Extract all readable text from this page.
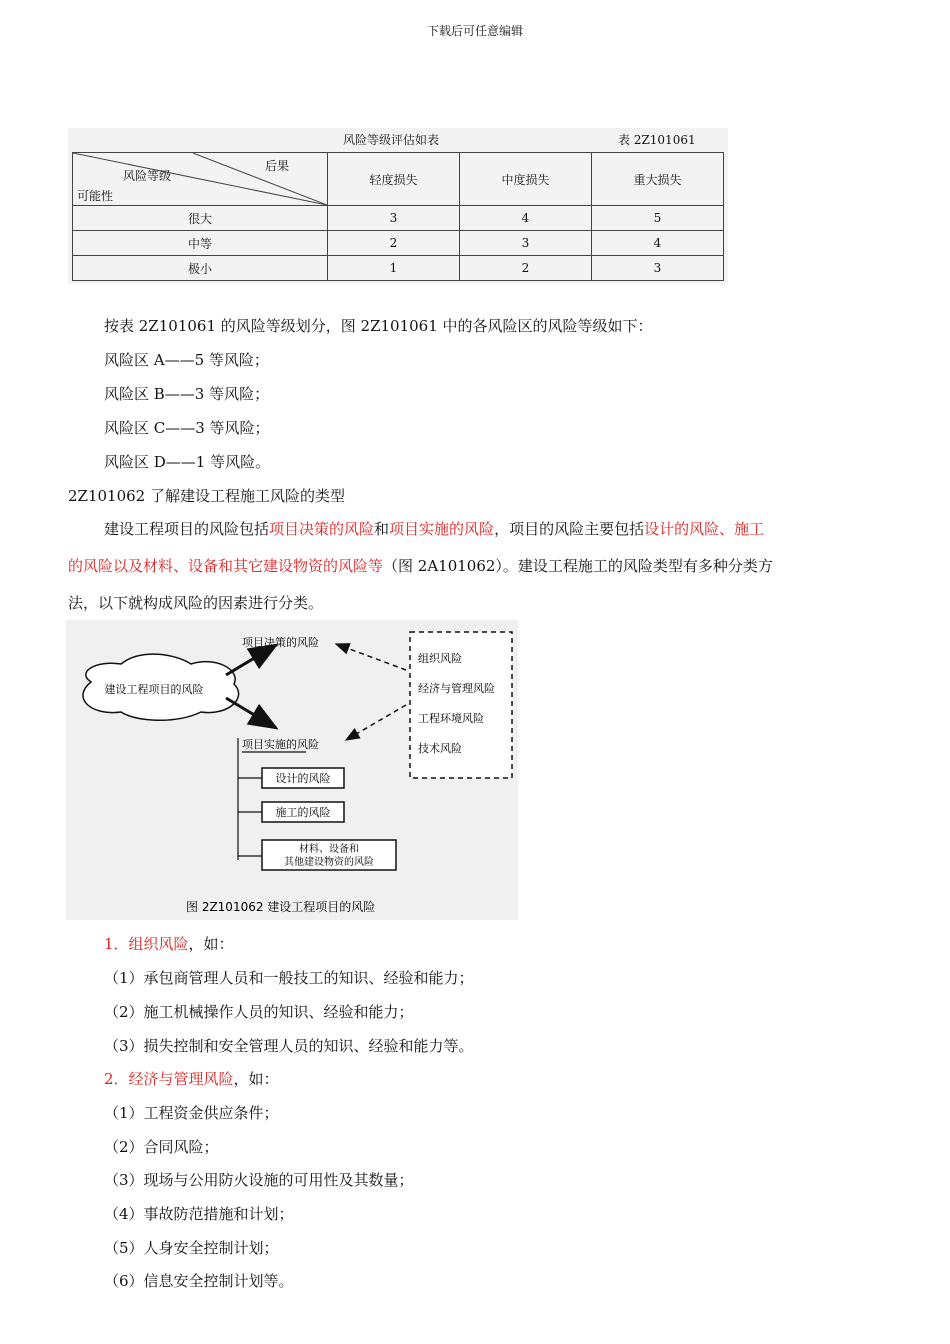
下载后可任意编辑
风险等级评估如表	表 2Z101061
后果
风险等级
可能性	轻度损失	中度损失	重大损失
很大	3	4	5
中等	2	3	4
极小	1	2	3
按表 2Z101061 的风险等级划分，图 2Z101061 中的各风险区的风险等级如下：
风险区 A——5 等风险；
风险区 B——3 等风险；
风险区 C——3 等风险；
风险区 D——1 等风险。
2Z101062 了解建设工程施工风险的类型
建设工程项目的风险包括项目决策的风险和项目实施的风险，项目的风险主要包括设计的风险、施工
的风险以及材料、设备和其它建设物资的风险等（图 2A101062）。建设工程施工的风险类型有多种分类方
法，以下就构成风险的因素进行分类。
建设工程项目的风险
项目决策的风险
项目实施的风险
设计的风险
施工的风险
材料、设备和
其他建设物资的风险
组织风险
经济与管理风险
工程环境风险
技术风险
图 2Z101062 建设工程项目的风险
1．组织风险，如：
（1）承包商管理人员和一般技工的知识、经验和能力；
（2）施工机械操作人员的知识、经验和能力；
（3）损失控制和安全管理人员的知识、经验和能力等。
2．经济与管理风险，如：
（1）工程资金供应条件；
（2）合同风险；
（3）现场与公用防火设施的可用性及其数量；
（4）事故防范措施和计划；
（5）人身安全控制计划；
（6）信息安全控制计划等。
